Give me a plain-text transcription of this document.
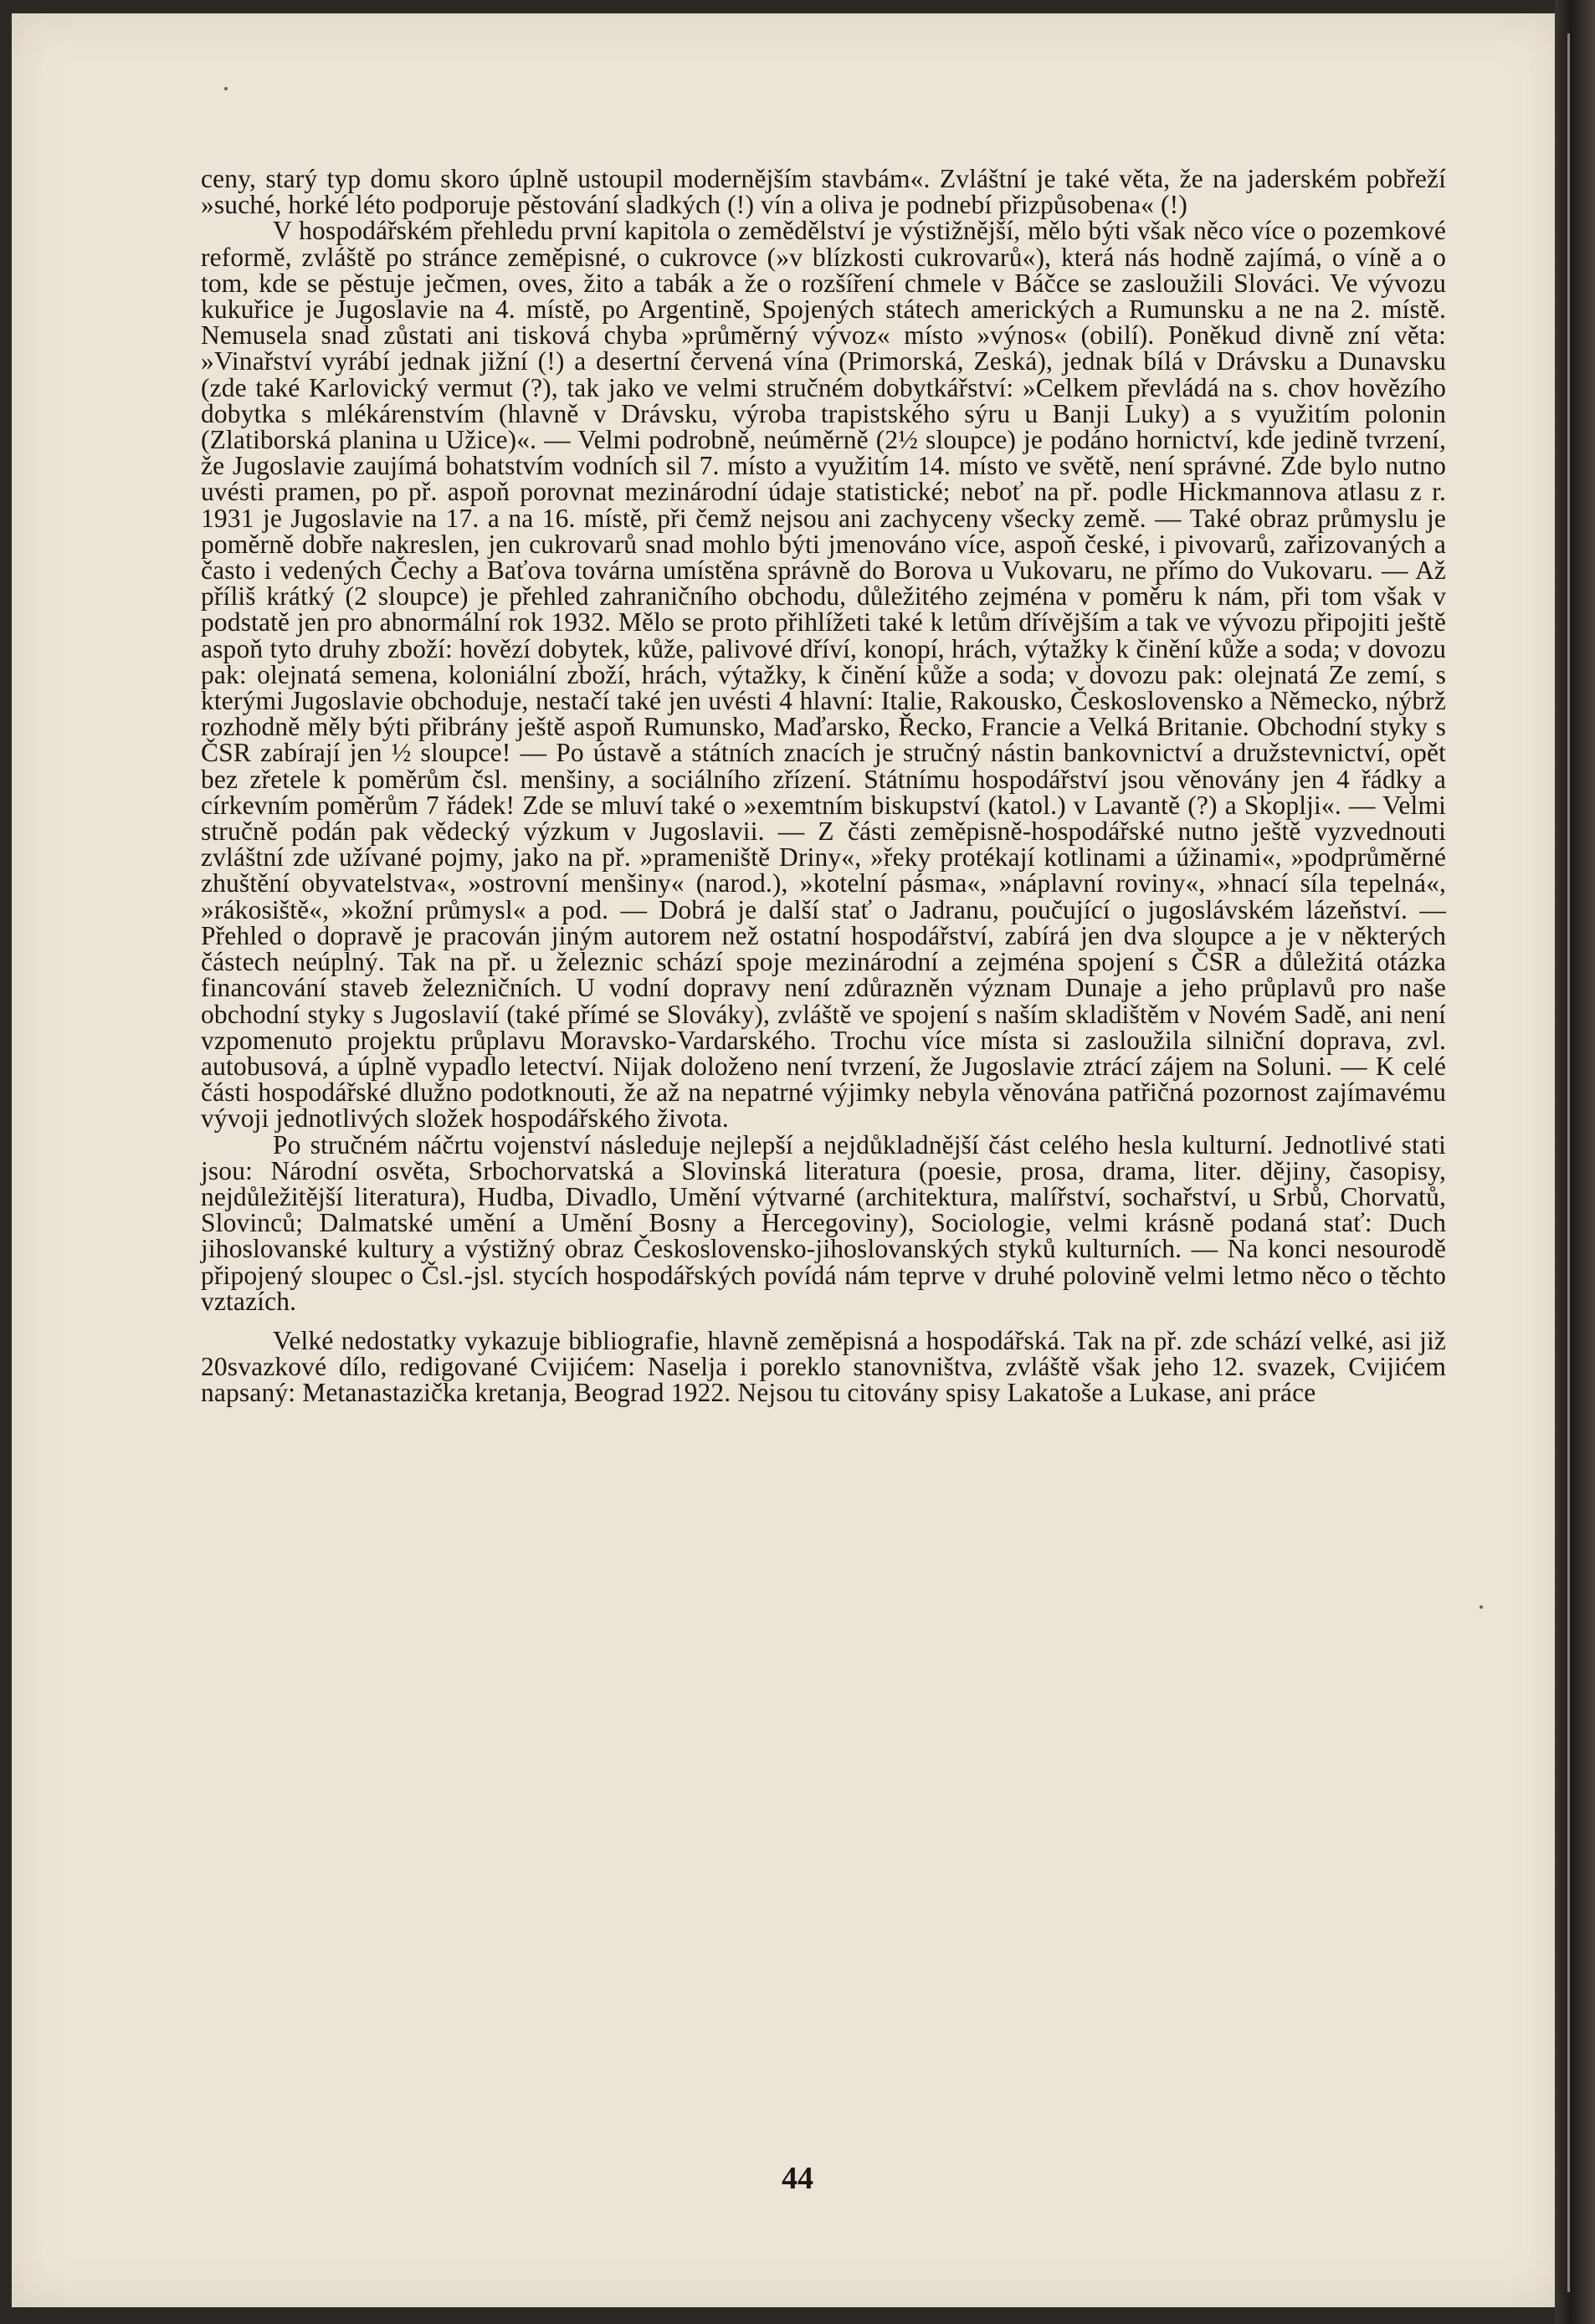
ceny, starý typ domu skoro úplně ustoupil modernějším stavbám«. Zvláštní je také věta, že na jaderském pobřeží »suché, horké léto podporuje pěstování sladkých (!) vín a oliva je podnebí přizpůsobena« (!)

V hospodářském přehledu první kapitola o zemědělství je výstižnější, mělo býti však něco více o pozemkové reformě, zvláště po stránce zeměpisné, o cukrovce (»v blízkosti cukrovarů«), která nás hodně zajímá, o víně a o tom, kde se pěstuje ječmen, oves, žito a tabák a že o rozšíření chmele v Báčce se zasloužili Slováci. Ve vývozu kukuřice je Jugoslavie na 4. místě, po Argentině, Spojených státech amerických a Rumunsku a ne na 2. místě. Nemusela snad zůstati ani tisková chyba »průměrný vývoz« místo »výnos« (obilí). Poněkud divně zní věta: »Vinařství vyrábí jednak jižní (!) a desertní červená vína (Primorská, Zeská), jednak bílá v Drávsku a Dunavsku (zde také Karlovický vermut (?), tak jako ve velmi stručném dobytkářství: »Celkem převládá na s. chov hovězího dobytka s mlékárenstvím (hlavně v Drávsku, výroba trapistského sýru u Banji Luky) a s využitím polonin (Zlatiborská planina u Užice)«. — Velmi podrobně, neúměrně (2½ sloupce) je podáno hornictví, kde jedině tvrzení, že Jugoslavie zaujímá bohatstvím vodních sil 7. místo a využitím 14. místo ve světě, není správné. Zde bylo nutno uvésti pramen, po př. aspoň porovnat mezinárodní údaje statistické; neboť na př. podle Hickmannova atlasu z r. 1931 je Jugoslavie na 17. a na 16. místě, při čemž nejsou ani zachyceny všecky země. — Také obraz průmyslu je poměrně dobře nakreslen, jen cukrovarů snad mohlo býti jmenováno více, aspoň české, i pivovarů, zařizovaných a často i vedených Čechy a Baťova továrna umístěna správně do Borova u Vukovaru, ne přímo do Vukovaru. — Až příliš krátký (2 sloupce) je přehled zahraničního obchodu, důležitého zejména v poměru k nám, při tom však v podstatě jen pro abnormální rok 1932. Mělo se proto přihlížeti také k letům dřívějším a tak ve vývozu připojiti ještě aspoň tyto druhy zboží: hovězí dobytek, kůže, palivové dříví, konopí, hrách, výtažky k činění kůže a soda; v dovozu pak: olejnatá semena, koloniální zboží, hrách, výtažky, k činění kůže a soda; v dovozu pak: olejnatá Ze zemí, s kterými Jugoslavie obchoduje, nestačí také jen uvésti 4 hlavní: Italie, Rakousko, Československo a Německo, nýbrž rozhodně měly býti přibrány ještě aspoň Rumunsko, Maďarsko, Řecko, Francie a Velká Britanie. Obchodní styky s ČSR zabírají jen ½ sloupce! — Po ústavě a státních znacích je stručný nástin bankovnictví a družstevnictví, opět bez zřetele k poměrům čsl. menšiny, a sociálního zřízení. Státnímu hospodářství jsou věnovány jen 4 řádky a církevním poměrům 7 řádek! Zde se mluví také o »exemtním biskupství (katol.) v Lavantě (?) a Skoplji«. — Velmi stručně podán pak vědecký výzkum v Jugoslavii. — Z části zeměpisně-hospodářské nutno ještě vyzvednouti zvláštní zde užívané pojmy, jako na př. »prameniště Driny«, »řeky protékají kotlinami a úžinami«, »podprůměrné zhuštění obyvatelstva«, »ostrovní menšiny« (narod.), »kotelní pásma«, »náplavní roviny«, »hnací síla tepelná«, »rákosiště«, »kožní průmysl« a pod. — Dobrá je další stať o Jadranu, poučující o jugoslávském lázeňství. — Přehled o dopravě je pracován jiným autorem než ostatní hospodářství, zabírá jen dva sloupce a je v některých částech neúplný. Tak na př. u železnic schází spoje mezinárodní a zejména spojení s ČSR a důležitá otázka financování staveb železničních. U vodní dopravy není zdůrazněn význam Dunaje a jeho průplavů pro naše obchodní styky s Jugoslavií (také přímé se Slováky), zvláště ve spojení s naším skladištěm v Novém Sadě, ani není vzpomenuto projektu průplavu Moravsko-Vardarského. Trochu více místa si zasloužila silniční doprava, zvl. autobusová, a úplně vypadlo letectví. Nijak doloženo není tvrzení, že Jugoslavie ztrácí zájem na Soluni. — K celé části hospodářské dlužno podotknouti, že až na nepatrné výjimky nebyla věnována patřičná pozornost zajímavému vývoji jednotlivých složek hospodářského života.

Po stručném náčrtu vojenství následuje nejlepší a nejdůkladnější část celého hesla kulturní. Jednotlivé stati jsou: Národní osvěta, Srbochorvatská a Slovinská literatura (poesie, prosa, drama, liter. dějiny, časopisy, nejdůležitější literatura), Hudba, Divadlo, Umění výtvarné (architektura, malířství, sochařství, u Srbů, Chorvatů, Slovinců; Dalmatské umění a Umění Bosny a Hercegoviny), Sociologie, velmi krásně podaná stať: Duch jihoslovanské kultury a výstižný obraz Československo-jihoslovanských styků kulturních. — Na konci nesourodě připojený sloupec o Čsl.-jsl. stycích hospodářských povídá nám teprve v druhé polovině velmi letmo něco o těchto vztazích.

Velké nedostatky vykazuje bibliografie, hlavně zeměpisná a hospodářská. Tak na př. zde schází velké, asi již 20svazkové dílo, redigované Cvijićem: Naselja i poreklo stanovništva, zvláště však jeho 12. svazek, Cvijićem napsaný: Metanastazička kretanja, Beograd 1922. Nejsou tu citovány spisy Lakatoše a Lukase, ani práce

44
